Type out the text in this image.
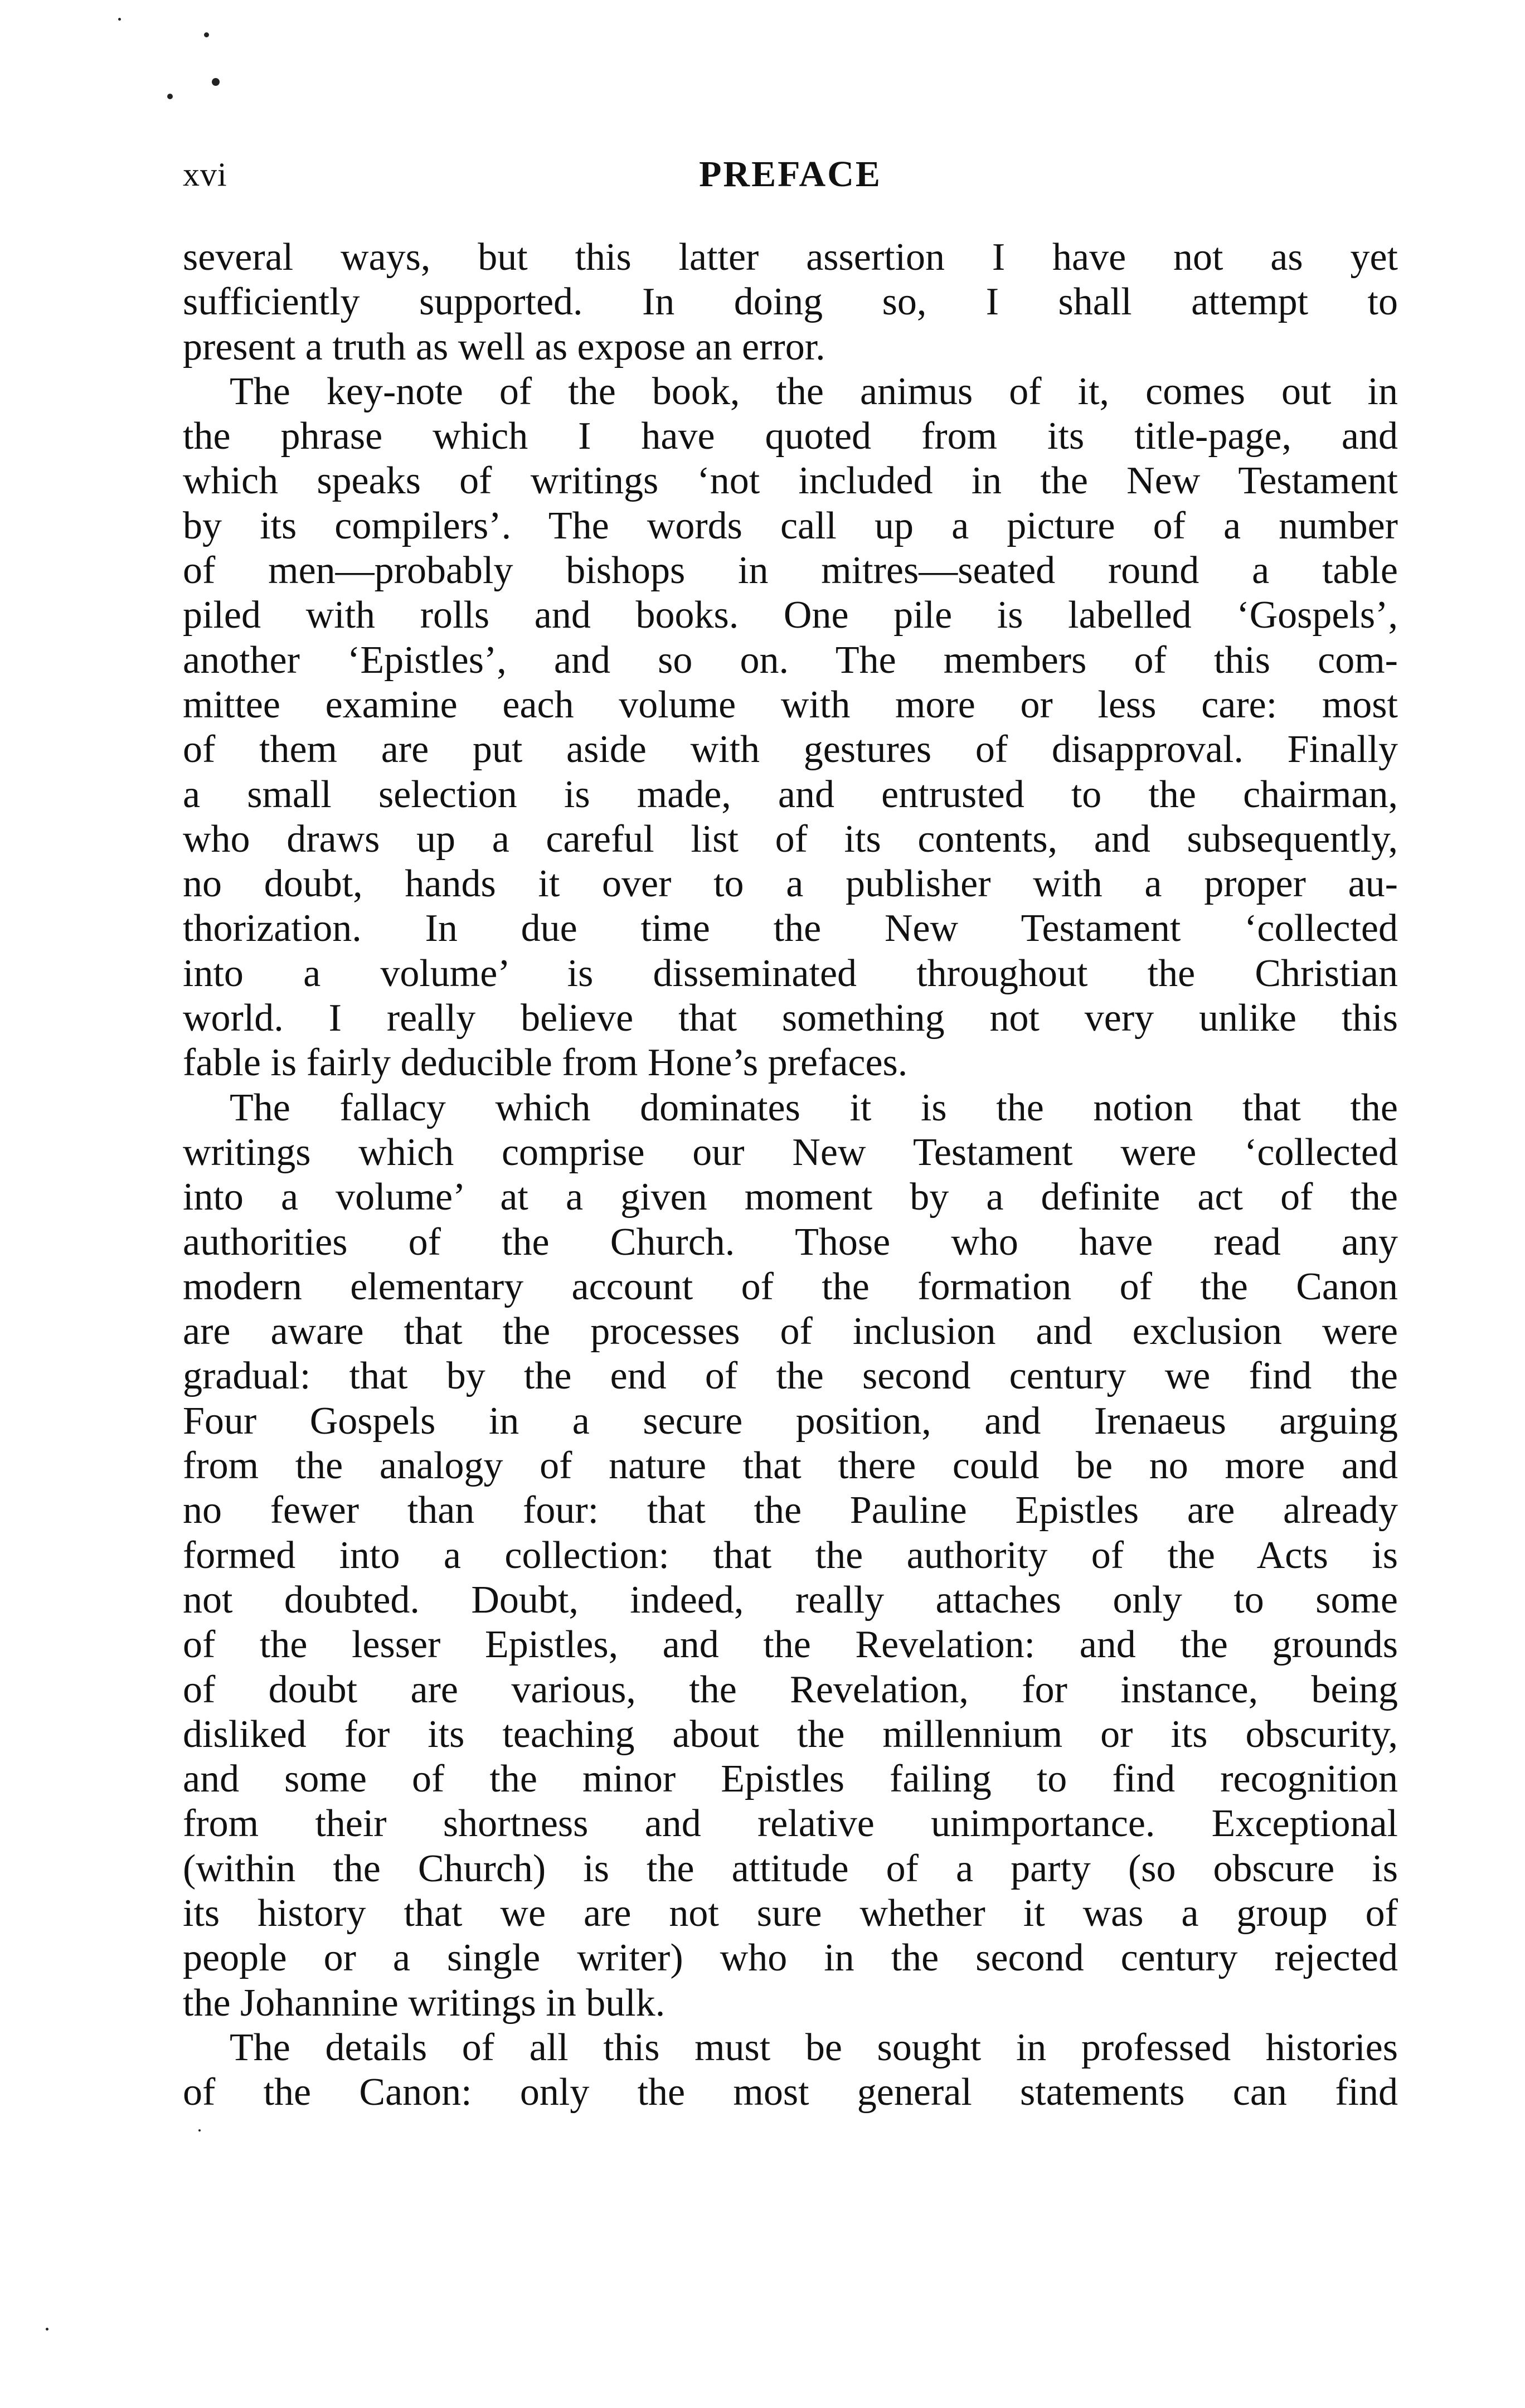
xvi	PREFACE
several ways, but this latter assertion I have not as yet
sufficiently supported. In doing so, I shall attempt to
present a truth as well as expose an error.
The key-note of the book, the animus of it, comes out in
the phrase which I have quoted from its title-page, and
which speaks of writings ‘not included in the New Testament
by its compilers’. The words call up a picture of a number
of men—probably bishops in mitres—seated round a table
piled with rolls and books. One pile is labelled ‘Gospels’,
another ‘Epistles’, and so on. The members of this com-
mittee examine each volume with more or less care: most
of them are put aside with gestures of disapproval. Finally
a small selection is made, and entrusted to the chairman,
who draws up a careful list of its contents, and subsequently,
no doubt, hands it over to a publisher with a proper au-
thorization. In due time the New Testament ‘collected
into a volume’ is disseminated throughout the Christian
world. I really believe that something not very unlike this
fable is fairly deducible from Hone’s prefaces.
The fallacy which dominates it is the notion that the
writings which comprise our New Testament were ‘collected
into a volume’ at a given moment by a definite act of the
authorities of the Church. Those who have read any
modern elementary account of the formation of the Canon
are aware that the processes of inclusion and exclusion were
gradual: that by the end of the second century we find the
Four Gospels in a secure position, and Irenaeus arguing
from the analogy of nature that there could be no more and
no fewer than four: that the Pauline Epistles are already
formed into a collection: that the authority of the Acts is
not doubted. Doubt, indeed, really attaches only to some
of the lesser Epistles, and the Revelation: and the grounds
of doubt are various, the Revelation, for instance, being
disliked for its teaching about the millennium or its obscurity,
and some of the minor Epistles failing to find recognition
from their shortness and relative unimportance. Exceptional
(within the Church) is the attitude of a party (so obscure is
its history that we are not sure whether it was a group of
people or a single writer) who in the second century rejected
the Johannine writings in bulk.
The details of all this must be sought in professed histories
of the Canon: only the most general statements can find
